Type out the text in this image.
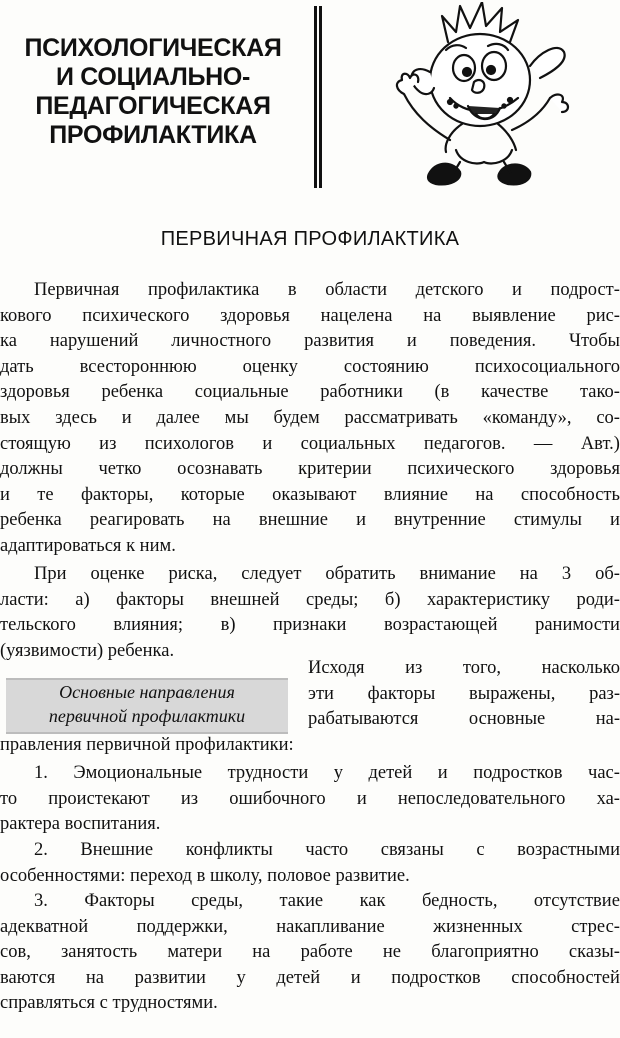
ПСИХОЛОГИЧЕСКАЯ
И СОЦИАЛЬНО-
ПЕДАГОГИЧЕСКАЯ
ПРОФИЛАКТИКА
ПЕРВИЧНАЯ ПРОФИЛАКТИКА
Первичная профилактика в области детского и подрост-
кового психического здоровья нацелена на выявление рис-
ка нарушений личностного развития и поведения. Чтобы
дать всестороннюю оценку состоянию психосоциального
здоровья ребенка социальные работники (в качестве тако-
вых здесь и далее мы будем рассматривать «команду», со-
стоящую из психологов и социальных педагогов. — Авт.)
должны четко осознавать критерии психического здоровья
и те факторы, которые оказывают влияние на способность
ребенка реагировать на внешние и внутренние стимулы и
адаптироваться к ним.
При оценке риска, следует обратить внимание на 3 об-
ласти: а) факторы внешней среды; б) характеристику роди-
тельского влияния; в) признаки возрастающей ранимости
(уязвимости) ребенка.
Основные направления
первичной профилактики
Исходя из того, насколько
эти факторы выражены, раз-
рабатываются	основные	на-
правления первичной профилактики:
1. Эмоциональные трудности у детей и подростков час-
то проистекают из ошибочного и непоследовательного ха-
рактера воспитания.
2. Внешние конфликты часто связаны с возрастными
особенностями: переход в школу, половое развитие.
3. Факторы среды, такие как бедность, отсутствие
адекватной	поддержки,	накапливание	жизненных	стрес-
сов, занятость матери на работе не благоприятно сказы-
ваются на развитии у детей и подростков способностей
справляться с трудностями.
